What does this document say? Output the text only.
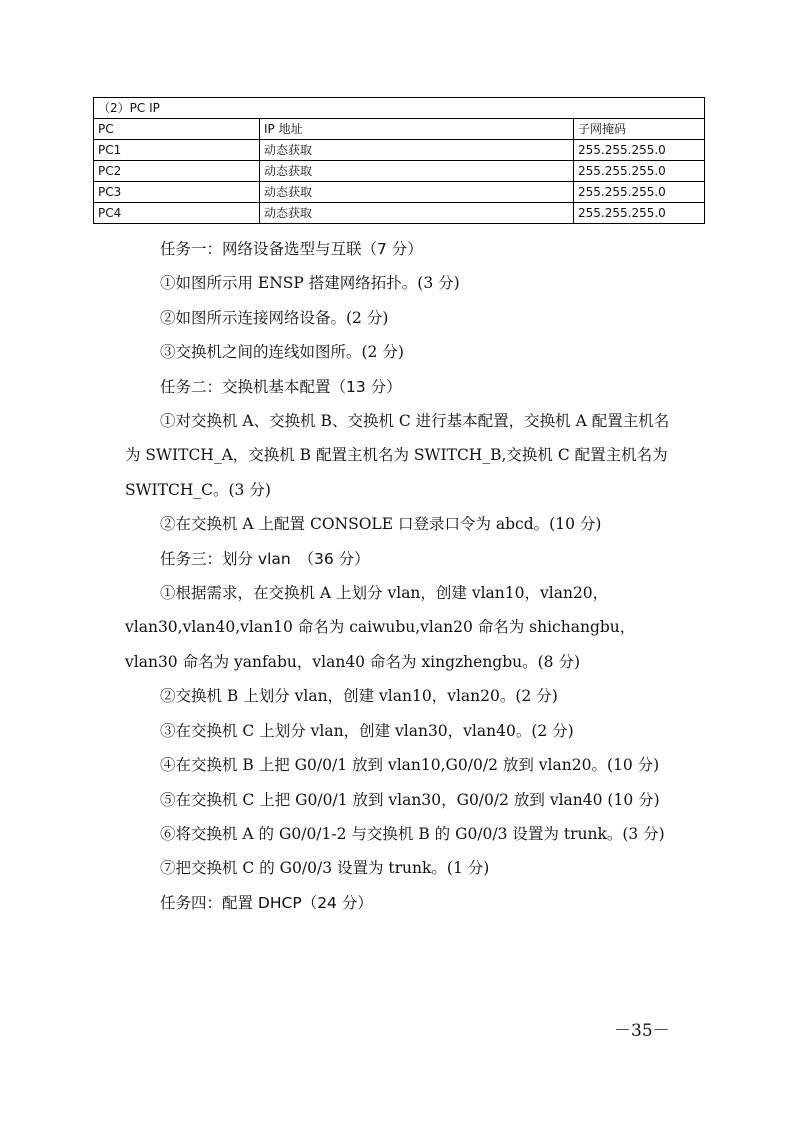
（2）PC IP		
PC	IP 地址	子网掩码
PC1	动态获取	255.255.255.0
PC2	动态获取	255.255.255.0
PC3	动态获取	255.255.255.0
PC4	动态获取	255.255.255.0

任务一：网络设备选型与互联（7 分）

①如图所示用 ENSP 搭建网络拓扑。(3 分)

②如图所示连接网络设备。(2 分)

③交换机之间的连线如图所。(2 分)

任务二：交换机基本配置（13 分）

①对交换机 A、交换机 B、交换机 C 进行基本配置，交换机 A 配置主机名为 SWITCH_A，交换机 B 配置主机名为 SWITCH_B,交换机 C 配置主机名为 SWITCH_C。(3 分)

②在交换机 A 上配置 CONSOLE 口登录口令为 abcd。(10 分)

任务三：划分 vlan　（36 分）

①根据需求，在交换机 A 上划分 vlan，创建 vlan10，vlan20，vlan30,vlan40,vlan10 命名为 caiwubu,vlan20 命名为 shichangbu，vlan30 命名为 yanfabu，vlan40 命名为 xingzhengbu。(8 分)

②交换机 B 上划分 vlan，创建 vlan10，vlan20。(2 分)

③在交换机 C 上划分 vlan，创建 vlan30，vlan40。(2 分)

④在交换机 B 上把 G0/0/1 放到 vlan10,G0/0/2 放到 vlan20。(10 分)

⑤在交换机 C 上把 G0/0/1 放到 vlan30，G0/0/2 放到 vlan40 (10 分)

⑥将交换机 A 的 G0/0/1-2 与交换机 B 的 G0/0/3 设置为 trunk。(3 分)

⑦把交换机 C 的 G0/0/3 设置为 trunk。(1 分)

任务四：配置 DHCP（24 分）

－35－
